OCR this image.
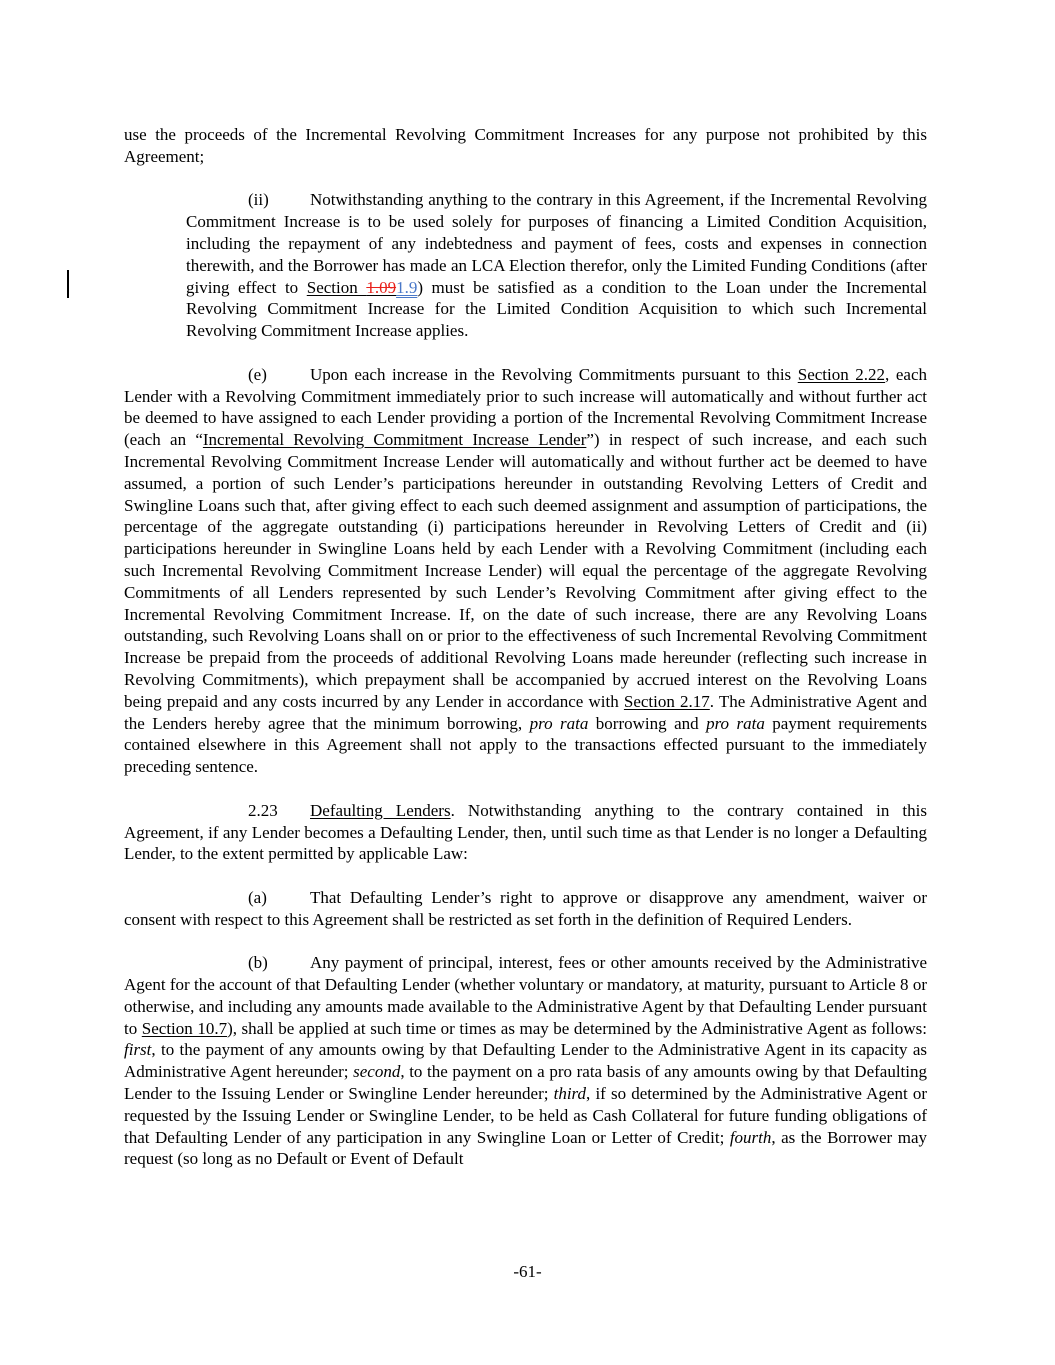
use the proceeds of the Incremental Revolving Commitment Increases for any purpose not prohibited by this Agreement;

(ii) Notwithstanding anything to the contrary in this Agreement, if the Incremental Revolving Commitment Increase is to be used solely for purposes of financing a Limited Condition Acquisition, including the repayment of any indebtedness and payment of fees, costs and expenses in connection therewith, and the Borrower has made an LCA Election therefor, only the Limited Funding Conditions (after giving effect to Section 1.091.9) must be satisfied as a condition to the Loan under the Incremental Revolving Commitment Increase for the Limited Condition Acquisition to which such Incremental Revolving Commitment Increase applies.

(e)	Upon each increase in the Revolving Commitments pursuant to this Section 2.22, each Lender with a Revolving Commitment immediately prior to such increase will automatically and without further act be deemed to have assigned to each Lender providing a portion of the Incremental Revolving Commitment Increase (each an “Incremental Revolving Commitment Increase Lender”) in respect of such increase, and each such Incremental Revolving Commitment Increase Lender will automatically and without further act be deemed to have assumed, a portion of such Lender’s participations hereunder in outstanding Revolving Letters of Credit and Swingline Loans such that, after giving effect to each such deemed assignment and assumption of participations, the percentage of the aggregate outstanding (i) participations hereunder in Revolving Letters of Credit and (ii) participations hereunder in Swingline Loans held by each Lender with a Revolving Commitment (including each such Incremental Revolving Commitment Increase Lender) will equal the percentage of the aggregate Revolving Commitments of all Lenders represented by such Lender’s Revolving Commitment after giving effect to the Incremental Revolving Commitment Increase. If, on the date of such increase, there are any Revolving Loans outstanding, such Revolving Loans shall on or prior to the effectiveness of such Incremental Revolving Commitment Increase be prepaid from the proceeds of additional Revolving Loans made hereunder (reflecting such increase in Revolving Commitments), which prepayment shall be accompanied by accrued interest on the Revolving Loans being prepaid and any costs incurred by any Lender in accordance with Section 2.17. The Administrative Agent and the Lenders hereby agree that the minimum borrowing, pro rata borrowing and pro rata payment requirements contained elsewhere in this Agreement shall not apply to the transactions effected pursuant to the immediately preceding sentence.

2.23 Defaulting Lenders. Notwithstanding anything to the contrary contained in this Agreement, if any Lender becomes a Defaulting Lender, then, until such time as that Lender is no longer a Defaulting Lender, to the extent permitted by applicable Law:

(a)	That Defaulting Lender’s right to approve or disapprove any amendment, waiver or consent with respect to this Agreement shall be restricted as set forth in the definition of Required Lenders.

(b) Any payment of principal, interest, fees or other amounts received by the Administrative Agent for the account of that Defaulting Lender (whether voluntary or mandatory, at maturity, pursuant to Article 8 or otherwise, and including any amounts made available to the Administrative Agent by that Defaulting Lender pursuant to Section 10.7), shall be applied at such time or times as may be determined by the Administrative Agent as follows: first, to the payment of any amounts owing by that Defaulting Lender to the Administrative Agent in its capacity as Administrative Agent hereunder; second, to the payment on a pro rata basis of any amounts owing by that Defaulting Lender to the Issuing Lender or Swingline Lender hereunder; third, if so determined by the Administrative Agent or requested by the Issuing Lender or Swingline Lender, to be held as Cash Collateral for future funding obligations of that Defaulting Lender of any participation in any Swingline Loan or Letter of Credit; fourth, as the Borrower may request (so long as no Default or Event of Default

-61-
